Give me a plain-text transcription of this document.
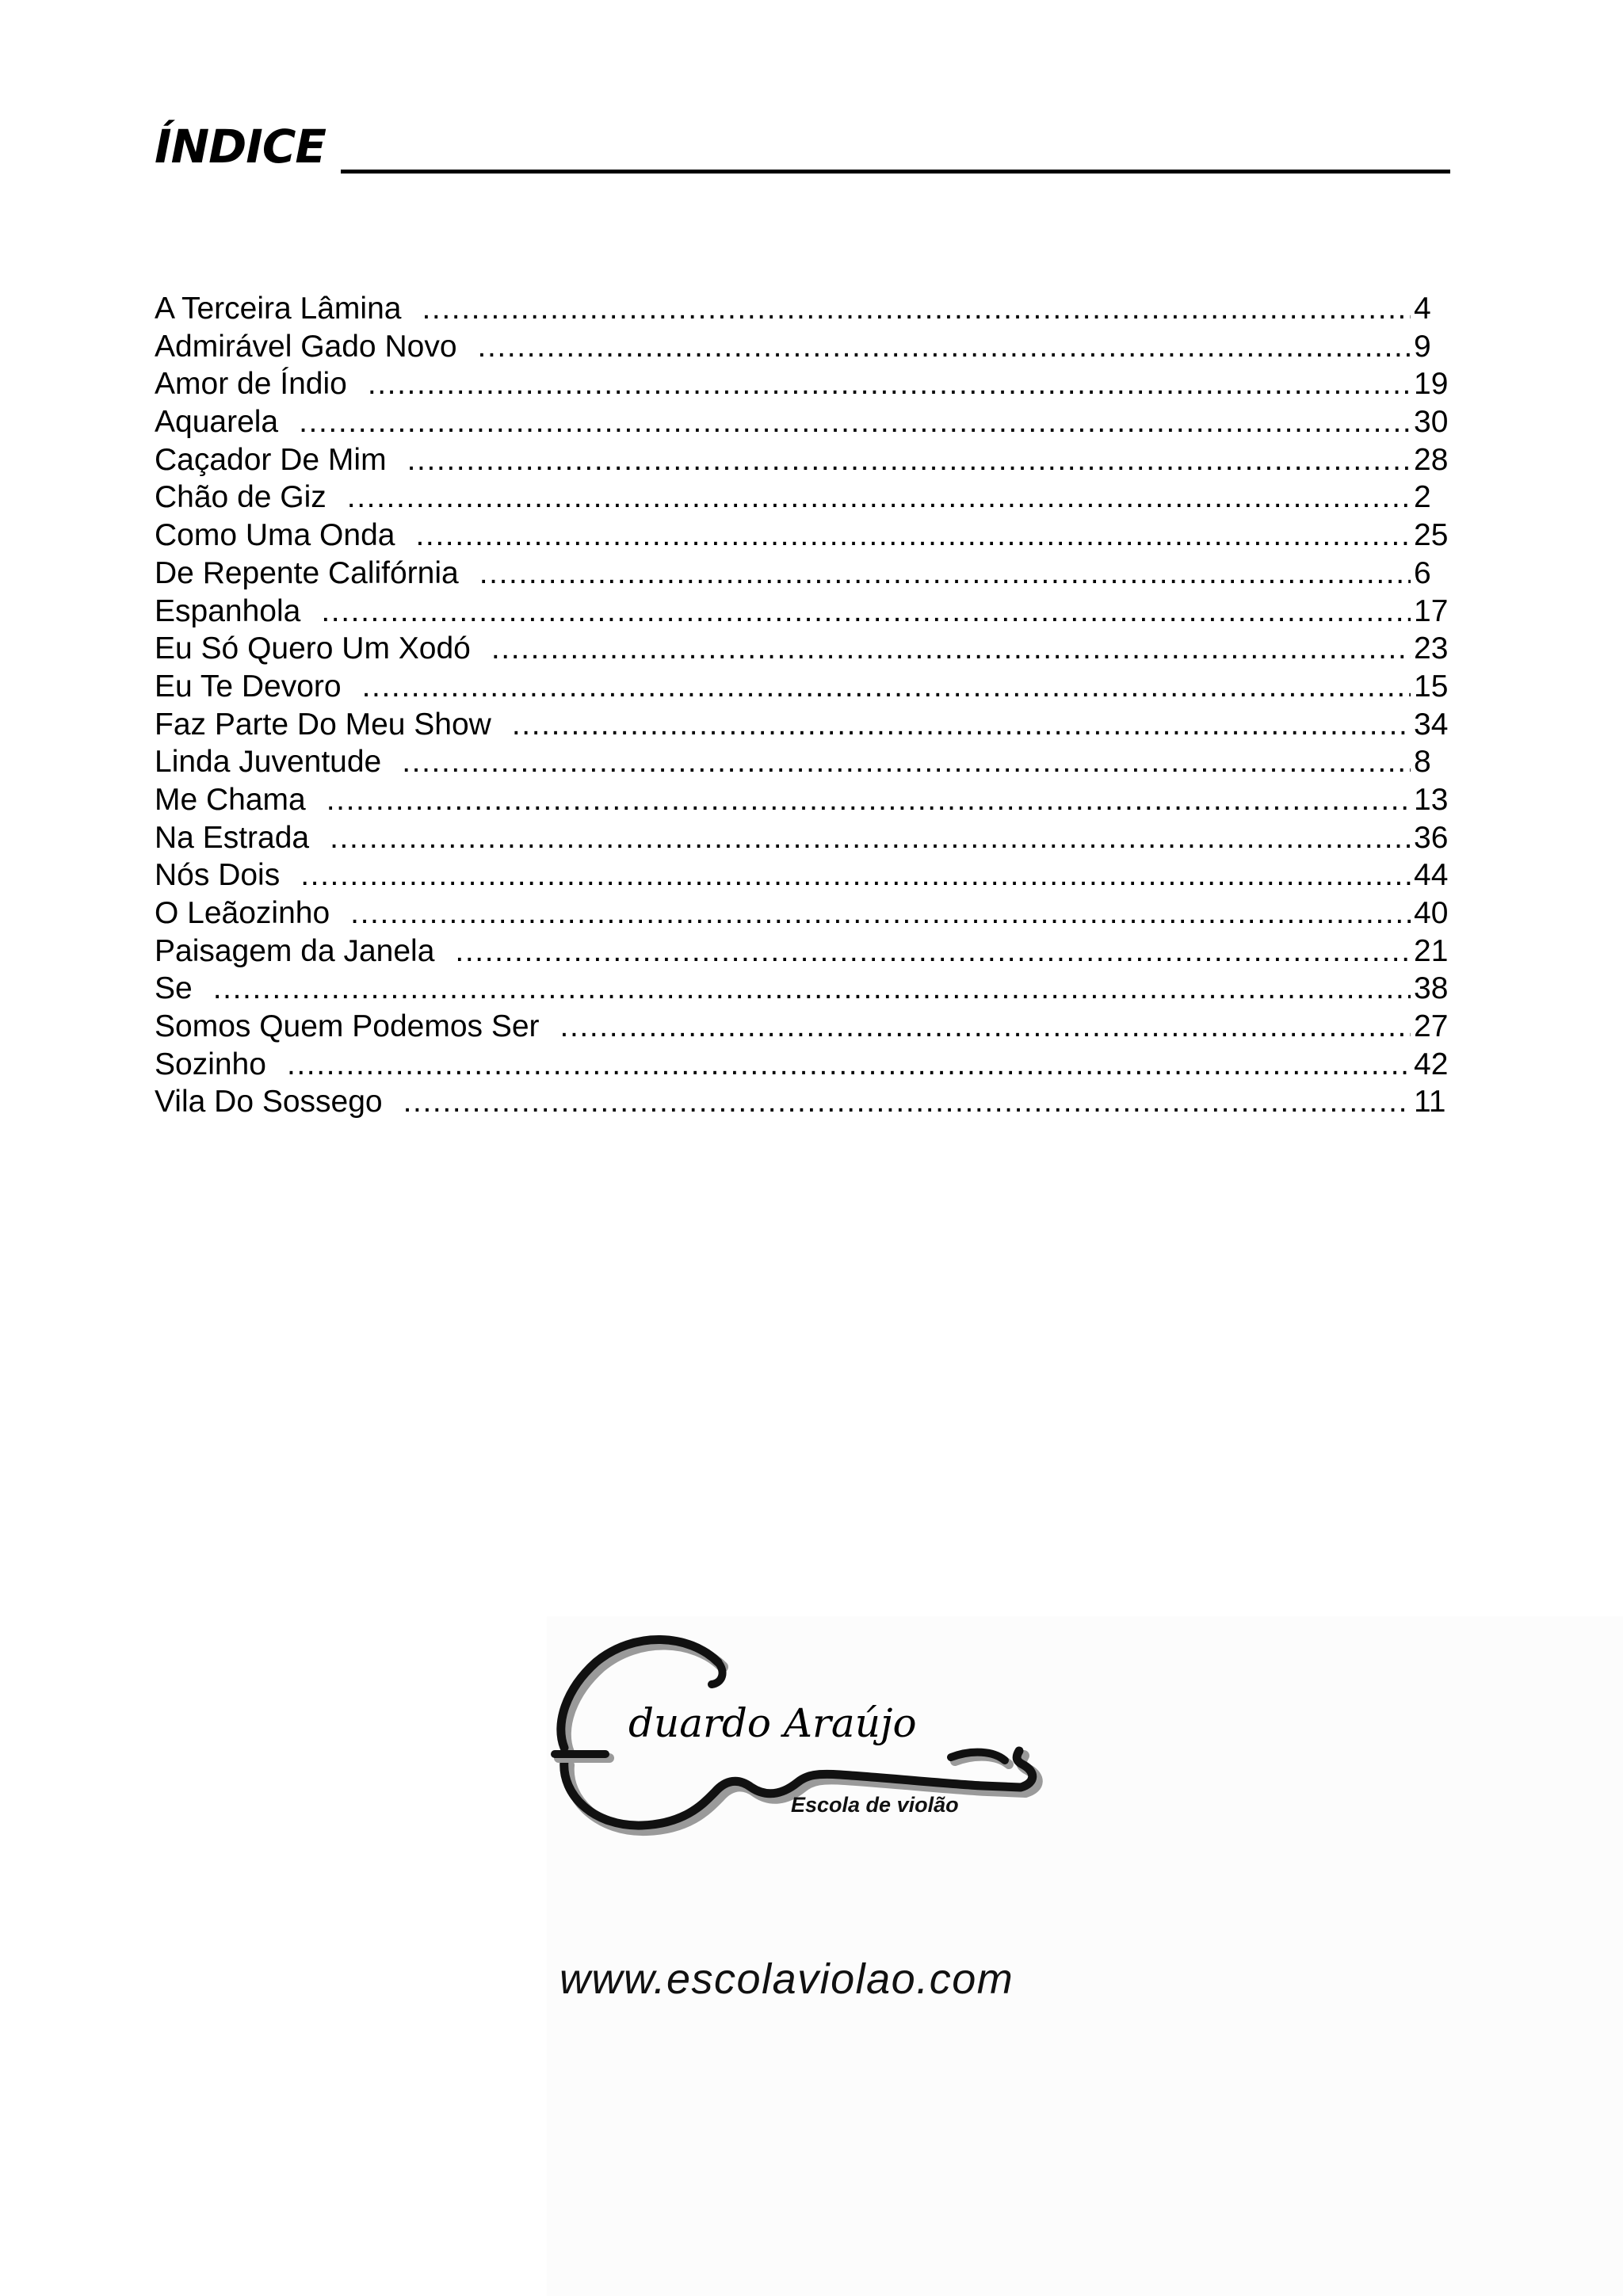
ÍNDICE
A Terceira Lâmina .....	4
Admirável Gado Novo .....	9
Amor de Índio .....	19
Aquarela .....	30
Caçador De Mim .....	28
Chão de Giz .....	2
Como Uma Onda .....	25
De Repente Califórnia .....	6
Espanhola .....	17
Eu Só Quero Um Xodó .....	23
Eu Te Devoro .....	15
Faz Parte Do Meu Show .....	34
Linda Juventude .....	8
Me Chama .....	13
Na Estrada .....	36
Nós Dois .....	44
O Leãozinho .....	40
Paisagem da Janela .....	21
Se .....	38
Somos Quem Podemos Ser .....	27
Sozinho .....	42
Vila Do Sossego .....	11
duardo Araújo
Escola de violão
www.escolaviolao.com
